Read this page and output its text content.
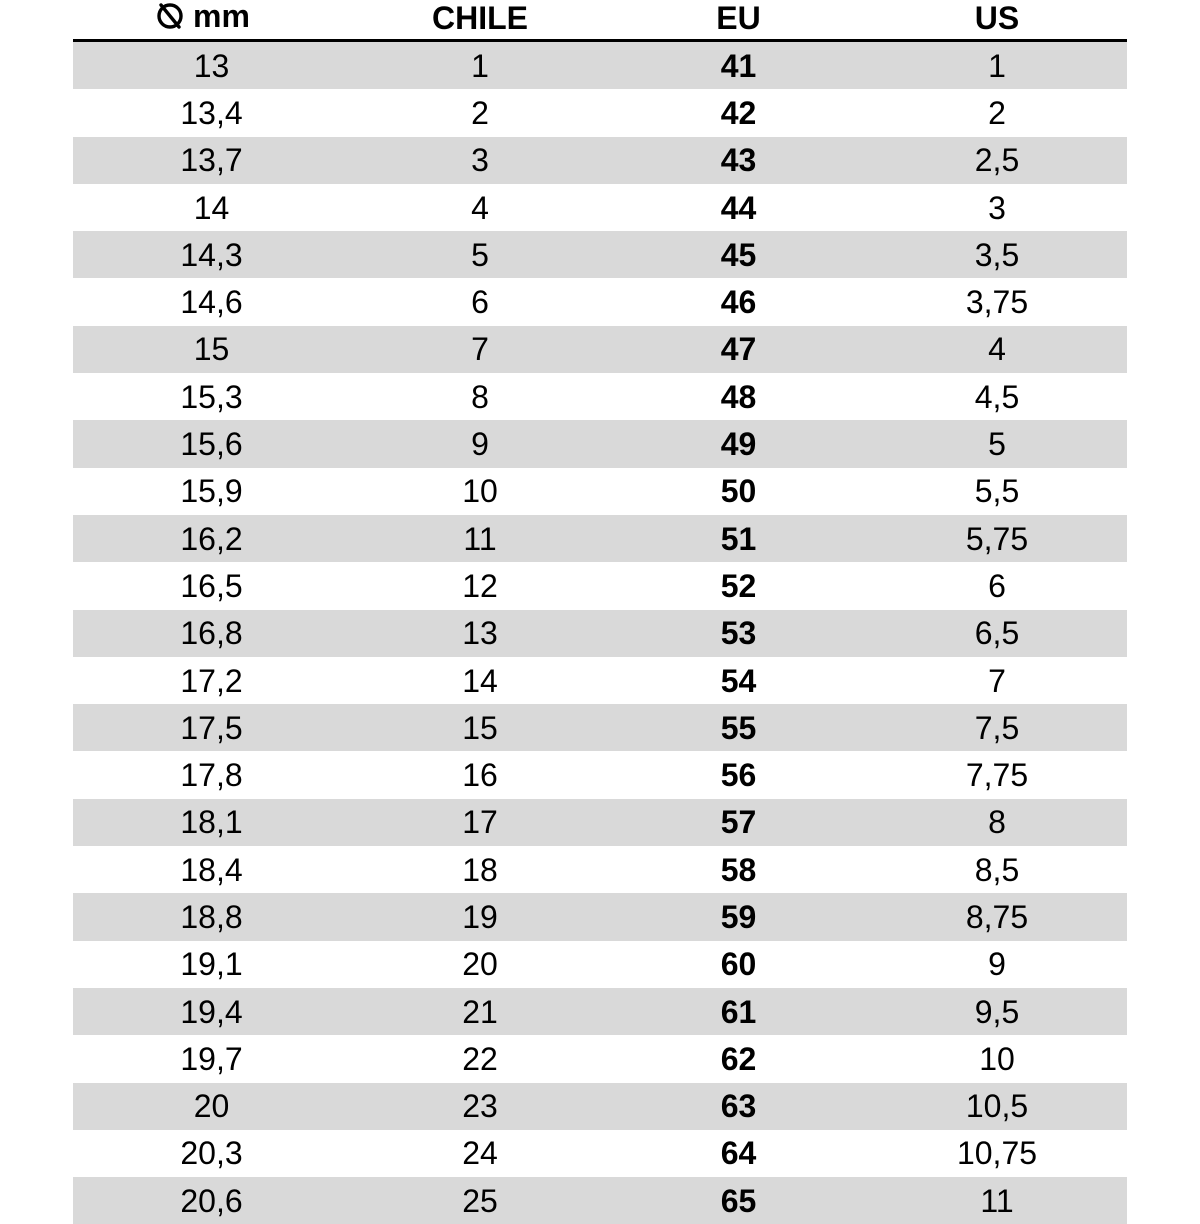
mm	CHILE	EU	US
13	1	41	1
13,4	2	42	2
13,7	3	43	2,5
14	4	44	3
14,3	5	45	3,5
14,6	6	46	3,75
15	7	47	4
15,3	8	48	4,5
15,6	9	49	5
15,9	10	50	5,5
16,2	11	51	5,75
16,5	12	52	6
16,8	13	53	6,5
17,2	14	54	7
17,5	15	55	7,5
17,8	16	56	7,75
18,1	17	57	8
18,4	18	58	8,5
18,8	19	59	8,75
19,1	20	60	9
19,4	21	61	9,5
19,7	22	62	10
20	23	63	10,5
20,3	24	64	10,75
20,6	25	65	11
